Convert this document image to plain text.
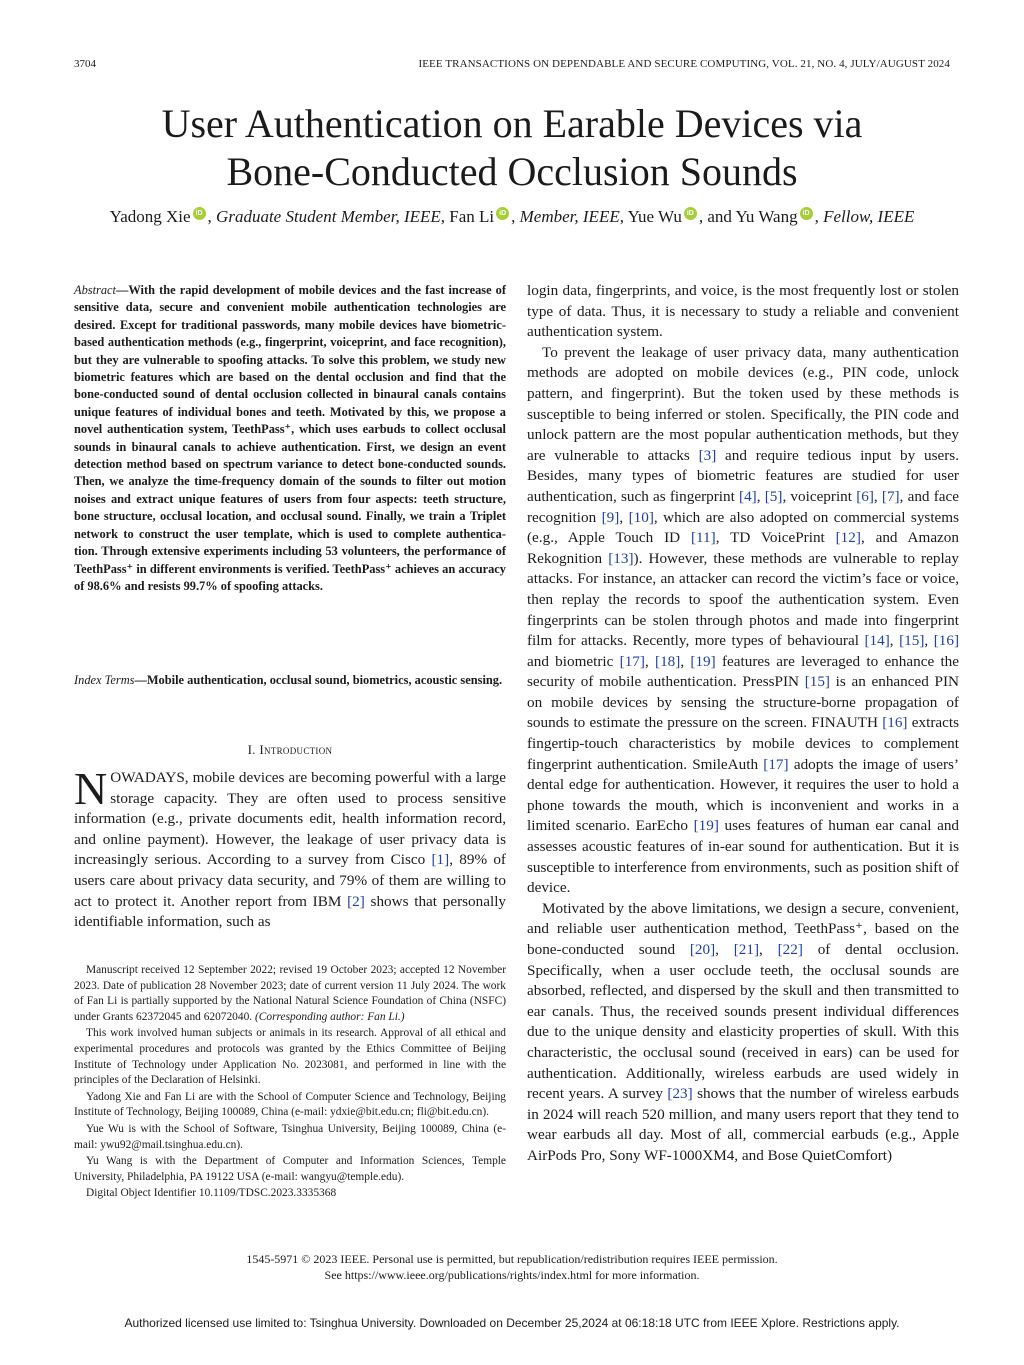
3704	IEEE TRANSACTIONS ON DEPENDABLE AND SECURE COMPUTING, VOL. 21, NO. 4, JULY/AUGUST 2024
User Authentication on Earable Devices via
Bone-Conducted Occlusion Sounds
Yadong Xie iD , Graduate Student Member, IEEE, Fan Li iD , Member, IEEE, Yue Wu iD , and Yu Wang iD , Fellow, IEEE
Abstract—With the rapid development of mobile devices and the fast increase of sensitive data, secure and convenient mobile authentication technologies are desired. Except for traditional passwords, many mobile devices have biometric-based authentication methods (e.g., fingerprint, voiceprint, and face recognition), but they are vulnerable to spoofing attacks. To solve this problem, we study new biometric features which are based on the dental occlusion and find that the bone-conducted sound of dental occlusion collected in binaural canals contains unique features of individual bones and teeth. Motivated by this, we propose a novel authentication system, TeethPass⁺, which uses earbuds to collect occlusal sounds in binaural canals to achieve authentication. First, we design an event detection method based on spectrum variance to detect bone-conducted sounds. Then, we analyze the time-frequency domain of the sounds to filter out motion noises and extract unique features of users from four aspects: teeth structure, bone structure, occlusal location, and occlusal sound. Finally, we train a Triplet network to construct the user template, which is used to complete authentica- tion. Through extensive experiments including 53 volunteers, the performance of TeethPass⁺ in different environments is verified. TeethPass⁺ achieves an accuracy of 98.6% and resists 99.7% of spoofing attacks.
Index Terms—Mobile authentication, occlusal sound, biometrics, acoustic sensing.
I. Introduction
NOWADAYS, mobile devices are becoming powerful with a large storage capacity. They are often used to process sensitive information (e.g., private documents edit, health information record, and online payment). However, the leakage of user privacy data is increasingly serious. According to a survey from Cisco [1], 89% of users care about privacy data security, and 79% of them are willing to act to protect it. Another report from IBM [2] shows that personally identifiable information, such as

Manuscript received 12 September 2022; revised 19 October 2023; accepted 12 November 2023. Date of publication 28 November 2023; date of current version 11 July 2024. The work of Fan Li is partially supported by the National Natural Science Foundation of China (NSFC) under Grants 62372045 and 62072040. (Corresponding author: Fan Li.)

This work involved human subjects or animals in its research. Approval of all ethical and experimental procedures and protocols was granted by the Ethics Committee of Beijing Institute of Technology under Application No. 2023081, and performed in line with the principles of the Declaration of Helsinki.

Yadong Xie and Fan Li are with the School of Computer Science and Technology, Beijing Institute of Technology, Beijing 100089, China (e-mail: ydxie@bit.edu.cn; fli@bit.edu.cn).

Yue Wu is with the School of Software, Tsinghua University, Beijing 100089, China (e-mail: ywu92@mail.tsinghua.edu.cn).

Yu Wang is with the Department of Computer and Information Sciences, Temple University, Philadelphia, PA 19122 USA (e-mail: wangyu@temple.edu).

Digital Object Identifier 10.1109/TDSC.2023.3335368

login data, fingerprints, and voice, is the most frequently lost or stolen type of data. Thus, it is necessary to study a reliable and convenient authentication system.

To prevent the leakage of user privacy data, many authentication methods are adopted on mobile devices (e.g., PIN code, unlock pattern, and fingerprint). But the token used by these methods is susceptible to being inferred or stolen. Specifically, the PIN code and unlock pattern are the most popular authentication methods, but they are vulnerable to attacks [3] and require tedious input by users. Besides, many types of biometric features are studied for user authentication, such as fingerprint [4], [5], voiceprint [6], [7], and face recognition [9], [10], which are also adopted on commercial systems (e.g., Apple Touch ID [11], TD VoicePrint [12], and Amazon Rekognition [13]). However, these methods are vulnerable to replay attacks. For instance, an attacker can record the victim’s face or voice, then replay the records to spoof the authentication system. Even fingerprints can be stolen through photos and made into fingerprint film for attacks. Recently, more types of behavioural [14], [15], [16] and biometric [17], [18], [19] features are leveraged to enhance the security of mobile authentication. PressPIN [15] is an enhanced PIN on mobile devices by sensing the structure-borne propagation of sounds to estimate the pressure on the screen. FINAUTH [16] extracts fingertip-touch characteristics by mobile devices to complement fingerprint authentication. SmileAuth [17] adopts the image of users’ dental edge for authentication. However, it requires the user to hold a phone towards the mouth, which is inconvenient and works in a limited scenario. EarEcho [19] uses features of human ear canal and assesses acoustic features of in-ear sound for authentication. But it is susceptible to interference from environments, such as position shift of device.

Motivated by the above limitations, we design a secure, convenient, and reliable user authentication method, TeethPass⁺, based on the bone-conducted sound [20], [21], [22] of dental occlusion. Specifically, when a user occlude teeth, the occlusal sounds are absorbed, reflected, and dispersed by the skull and then transmitted to ear canals. Thus, the received sounds present individual differences due to the unique density and elasticity properties of skull. With this characteristic, the occlusal sound (received in ears) can be used for authentication. Additionally, wireless earbuds are used widely in recent years. A survey [23] shows that the number of wireless earbuds in 2024 will reach 520 million, and many users report that they tend to wear earbuds all day. Most of all, commercial earbuds (e.g., Apple AirPods Pro, Sony WF-1000XM4, and Bose QuietComfort)

1545-5971 © 2023 IEEE. Personal use is permitted, but republication/redistribution requires IEEE permission.
See https://www.ieee.org/publications/rights/index.html for more information.
Authorized licensed use limited to: Tsinghua University. Downloaded on December 25,2024 at 06:18:18 UTC from IEEE Xplore. Restrictions apply.
